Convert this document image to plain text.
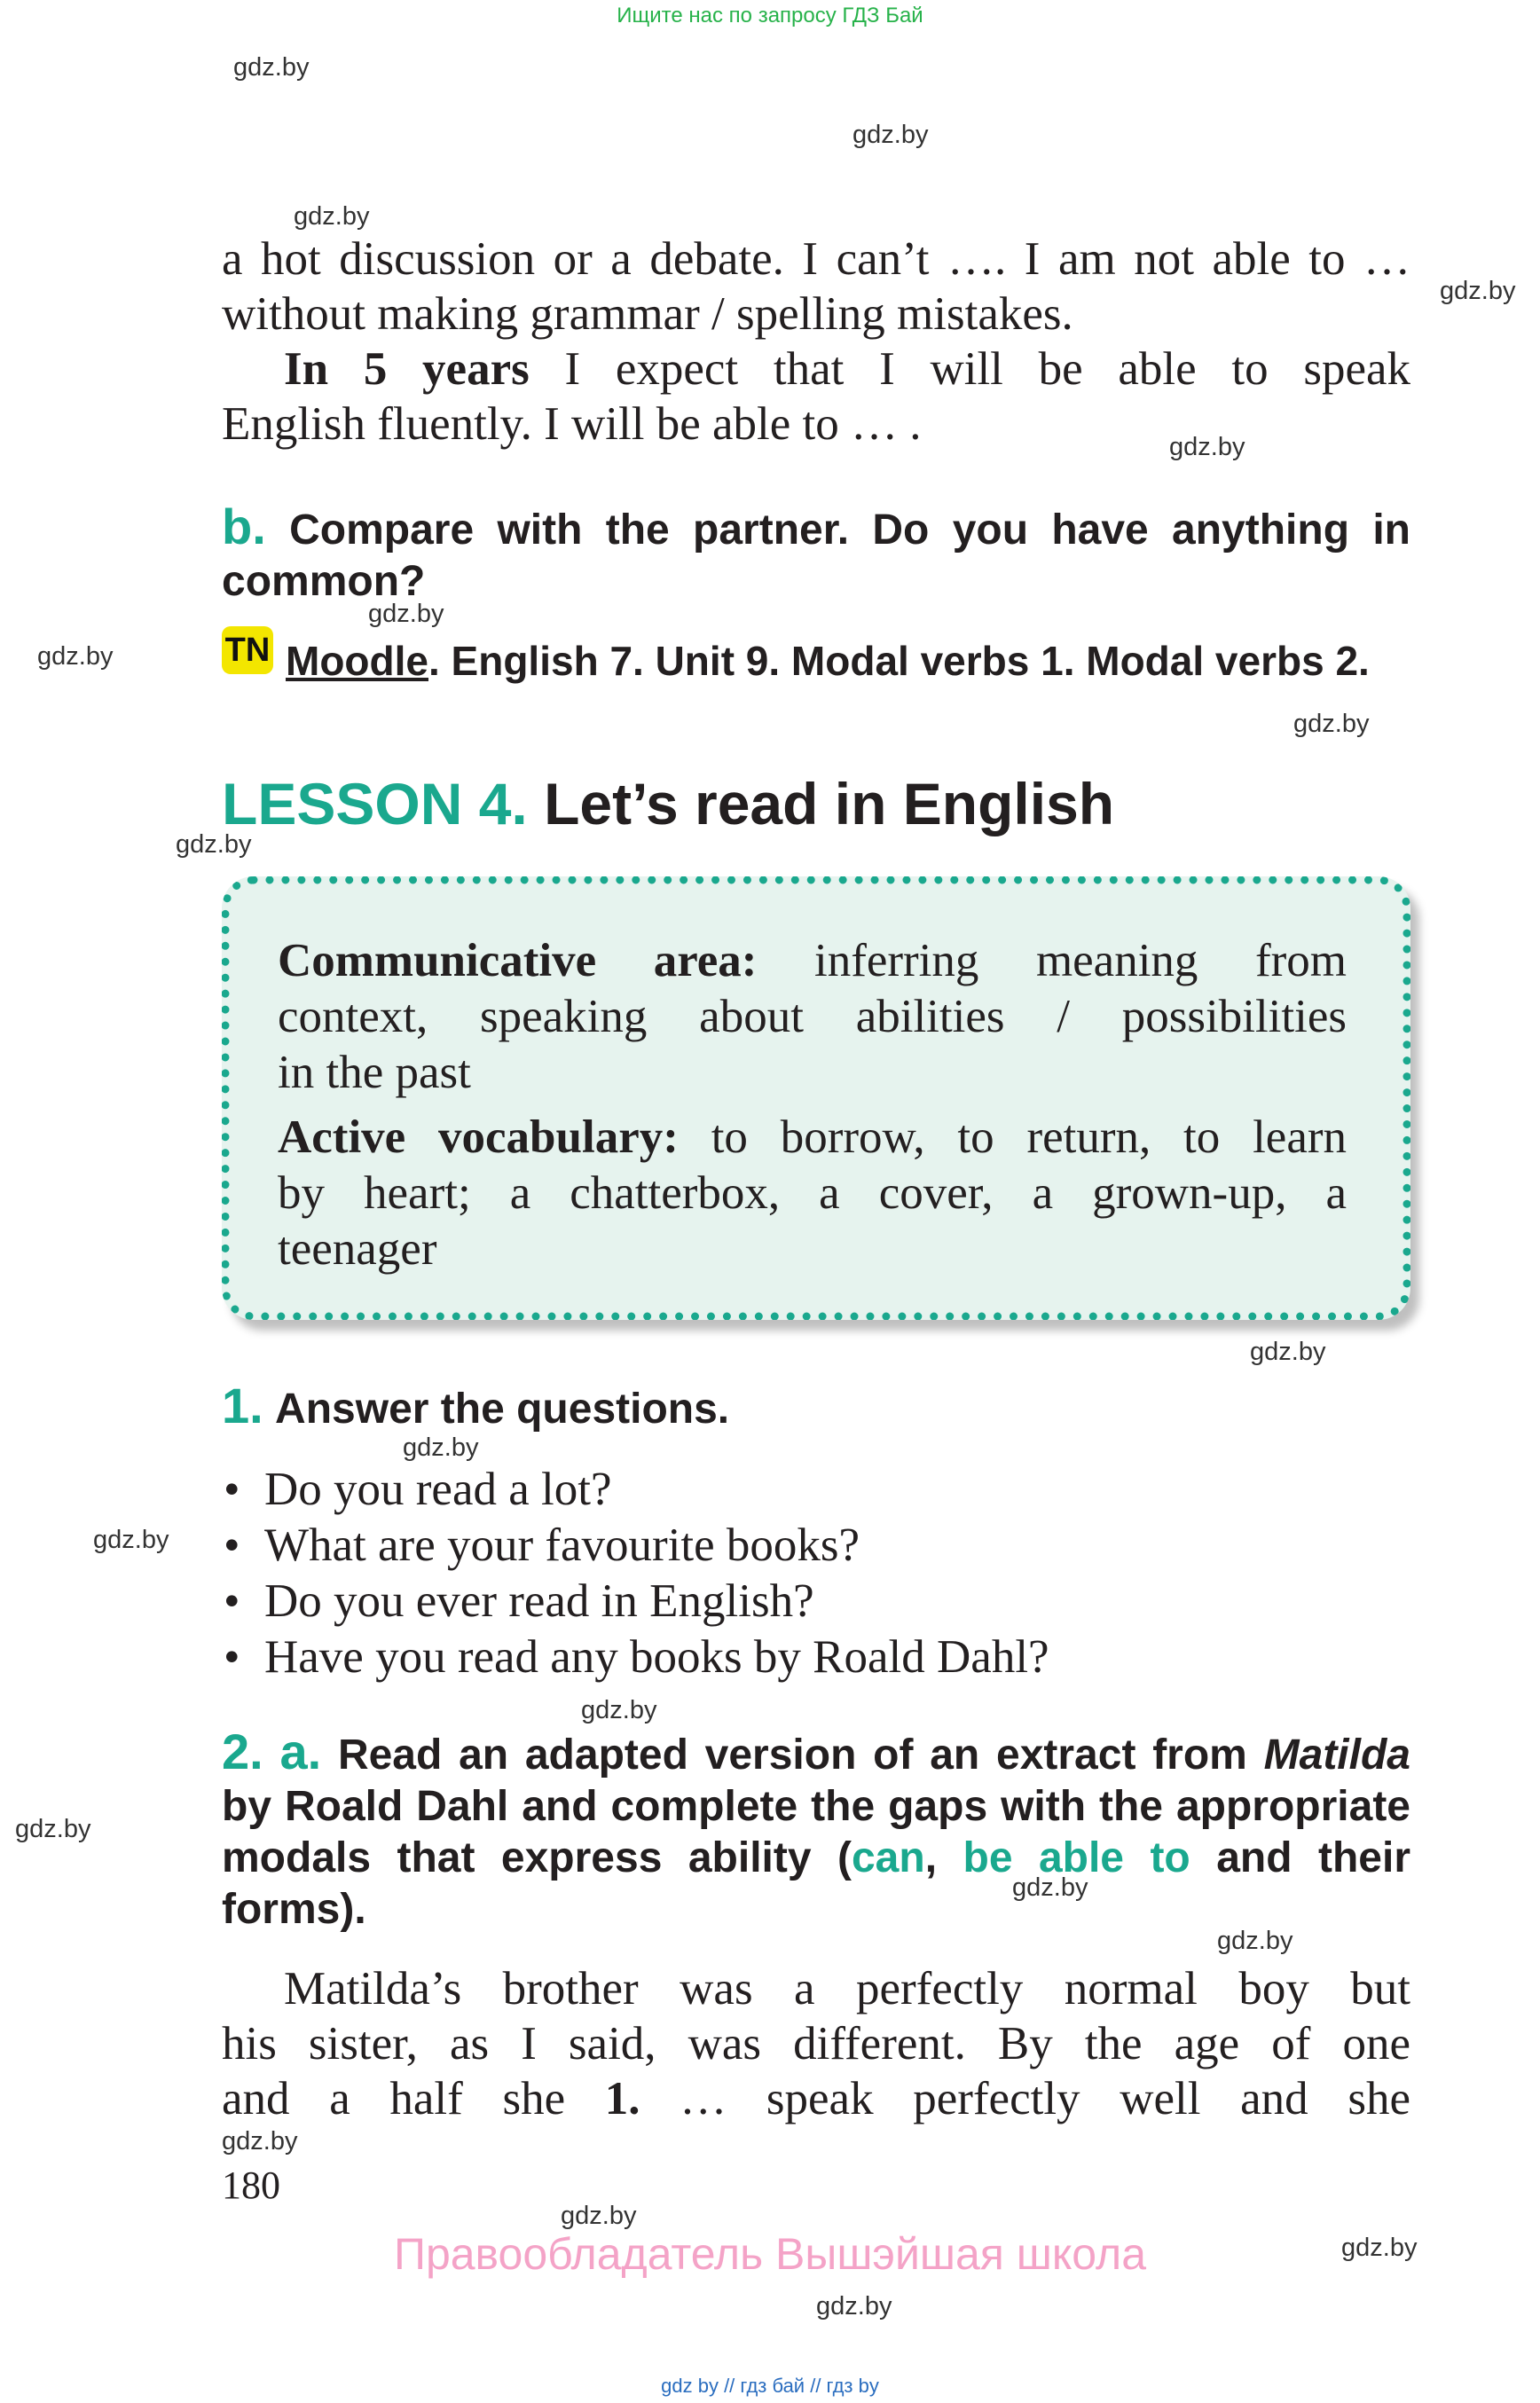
Ищите нас по запросу ГДЗ Бай
gdz.by
gdz.by
gdz.by
gdz.by
gdz.by
gdz.by
gdz.by
gdz.by
gdz.by
gdz.by
gdz.by
gdz.by
gdz.by
gdz.by
gdz.by
gdz.by
gdz.by
gdz.by
gdz.by
gdz.by
a hot discussion or a debate. I can’t …. I am not able to …
without making grammar / spelling mistakes.
In 5 years I expect that I will be able to speak
English fluently. I will be able to … .
b. Compare with the partner. Do you have anything in
common?
TN Moodle. English 7. Unit 9. Modal verbs 1. Modal verbs 2.
LESSON 4. Let’s read in English
Communicative area: inferring meaning from
context, speaking about abilities / possibilities
in the past
Active vocabulary: to borrow, to return, to learn
by heart; a chatterbox, a cover, a grown-up, a
teenager
1. Answer the questions.
• Do you read a lot?
• What are your favourite books?
• Do you ever read in English?
• Have you read any books by Roald Dahl?
2. a. Read an adapted version of an extract from Matilda
by Roald Dahl and complete the gaps with the appropriate
modals that express ability (can, be able to and their
forms).
Matilda’s brother was a perfectly normal boy but
his sister, as I said, was different. By the age of one
and a half she 1. … speak perfectly well and she
180
Правообладатель Вышэйшая школа
gdz by // гдз бай // гдз by
